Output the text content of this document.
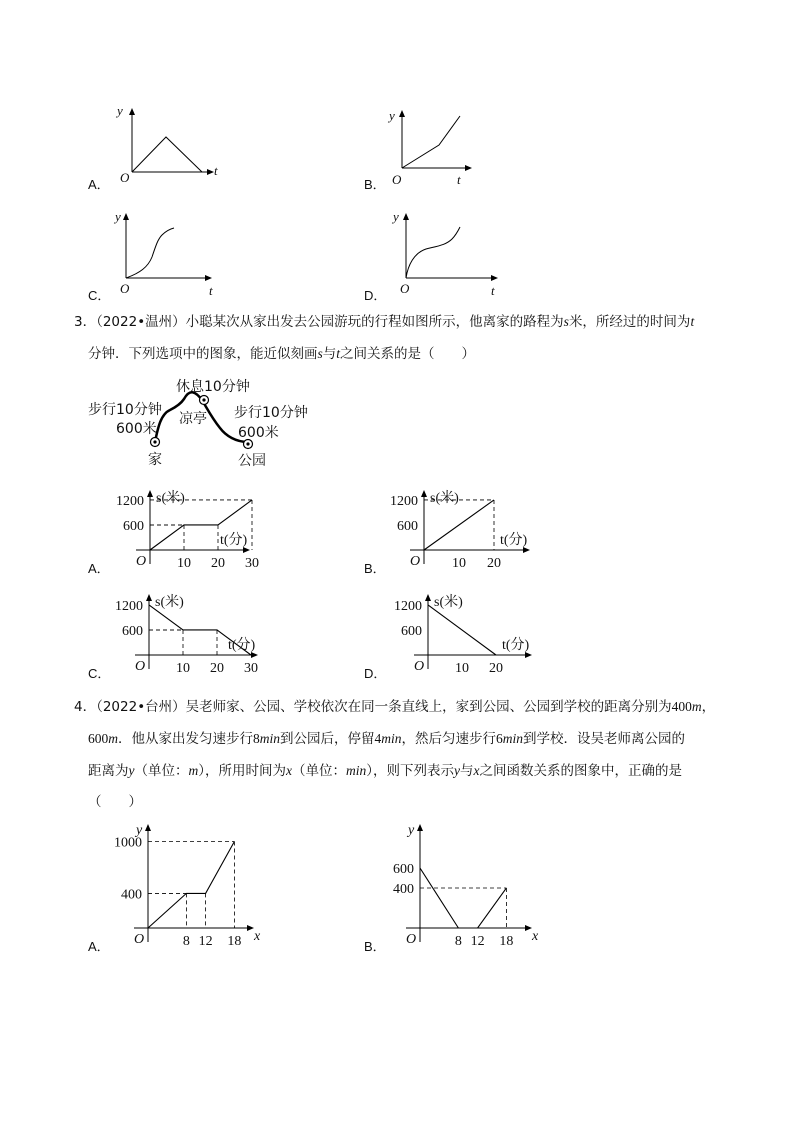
A．
y
t
O	B．
y
t
O
C．
y
t
O	D．
y
t
O
3．（2022•温州）小聪某次从家出发去公园游玩的行程如图所示，他离家的路程为s米，所经过的时间为t
分钟．下列选项中的图象，能近似刻画s与t之间关系的是（　　）
步行10分钟
600米
休息10分钟
凉亭 步行10分钟
600米
家	公园
A．
1200
600
10 20 30
O
s(米)
t(分)
B．
1200
600
10 20
O
s(米)
t(分)
C．
1200
600
10 20 30
O
s(米)
t(分)
D．
1200
600
10 20
O
s(米)
t(分)
4．（2022•台州）吴老师家、公园、学校依次在同一条直线上，家到公园、公园到学校的距离分别为400m，
600m．他从家出发匀速步行8min到公园后，停留4min，然后匀速步行6min到学校．设吴老师离公园的
距离为y（单位：m），所用时间为x（单位：min），则下列表示y与x之间函数关系的图象中，正确的是
（　　）
A．
1000
400
8 12 18
O
y
x
B．
600
400
8 12 18
O
y
x
